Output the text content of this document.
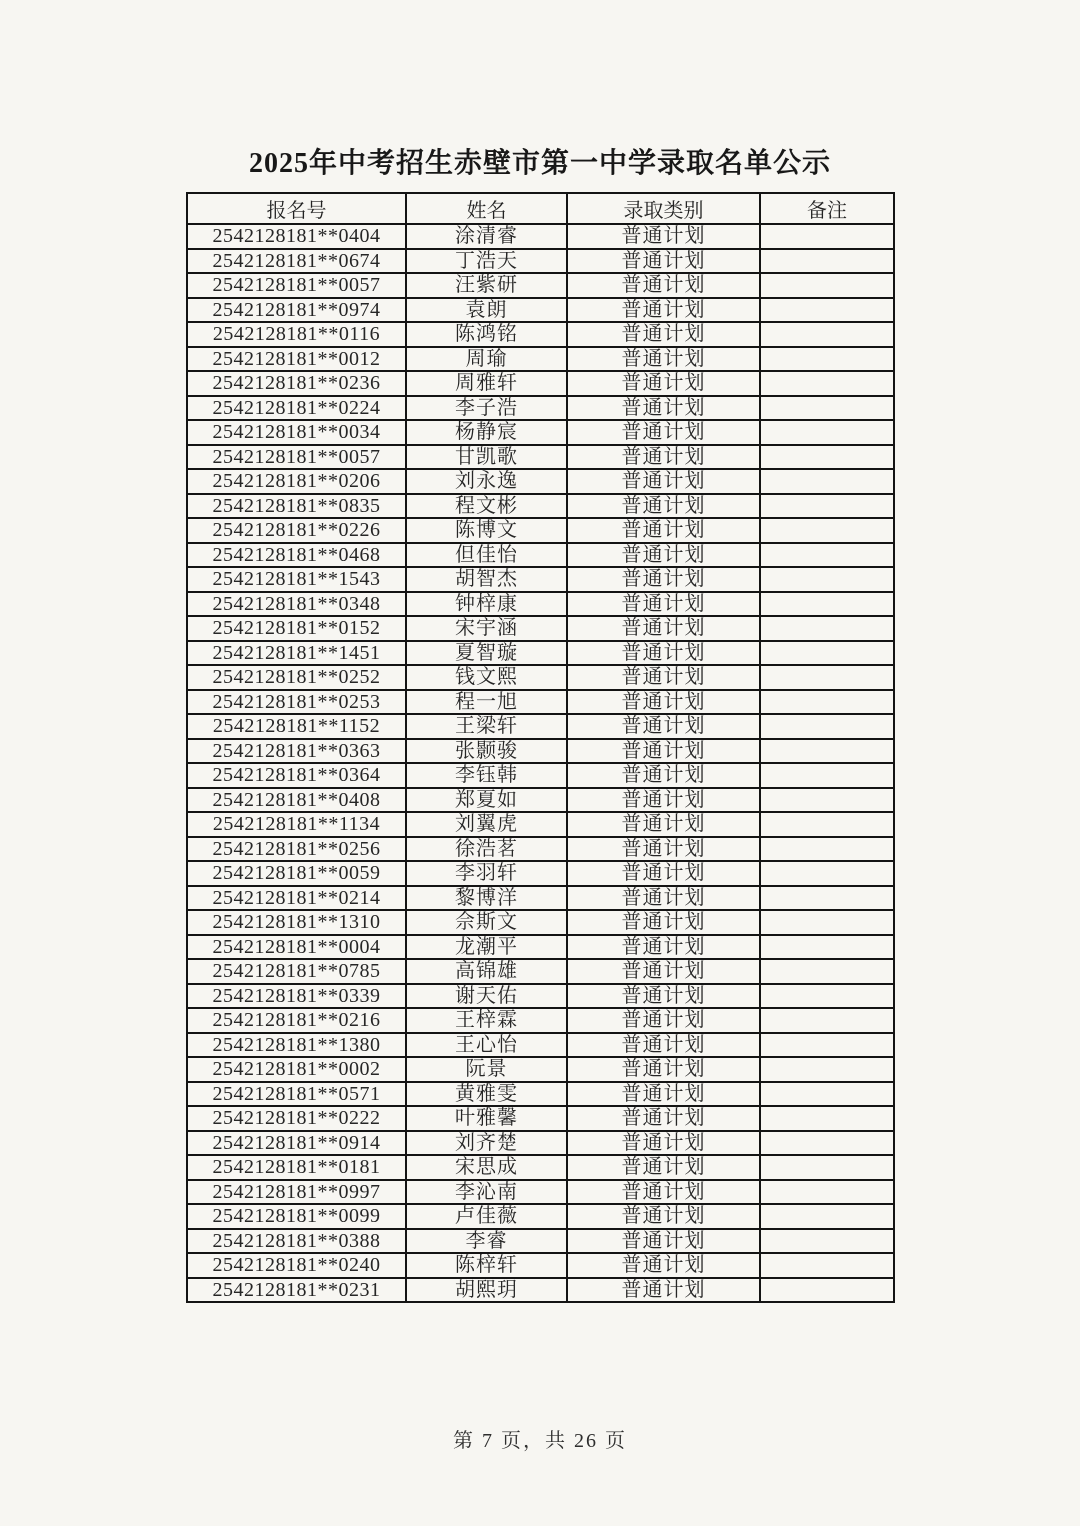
2025年中考招生赤壁市第一中学录取名单公示
报名号	姓名	录取类别	备注
2542128181**0404	涂清睿	普通计划	
2542128181**0674	丁浩天	普通计划	
2542128181**0057	汪紫研	普通计划	
2542128181**0974	袁朗	普通计划	
2542128181**0116	陈鸿铭	普通计划	
2542128181**0012	周瑜	普通计划	
2542128181**0236	周雅轩	普通计划	
2542128181**0224	李子浩	普通计划	
2542128181**0034	杨静宸	普通计划	
2542128181**0057	甘凯歌	普通计划	
2542128181**0206	刘永逸	普通计划	
2542128181**0835	程文彬	普通计划	
2542128181**0226	陈博文	普通计划	
2542128181**0468	但佳怡	普通计划	
2542128181**1543	胡智杰	普通计划	
2542128181**0348	钟梓康	普通计划	
2542128181**0152	宋宇涵	普通计划	
2542128181**1451	夏智璇	普通计划	
2542128181**0252	钱文熙	普通计划	
2542128181**0253	程一旭	普通计划	
2542128181**1152	王梁轩	普通计划	
2542128181**0363	张颢骏	普通计划	
2542128181**0364	李钰韩	普通计划	
2542128181**0408	郑夏如	普通计划	
2542128181**1134	刘翼虎	普通计划	
2542128181**0256	徐浩茗	普通计划	
2542128181**0059	李羽轩	普通计划	
2542128181**0214	黎博洋	普通计划	
2542128181**1310	佘斯文	普通计划	
2542128181**0004	龙潮平	普通计划	
2542128181**0785	高锦雄	普通计划	
2542128181**0339	谢天佑	普通计划	
2542128181**0216	王梓霖	普通计划	
2542128181**1380	王心怡	普通计划	
2542128181**0002	阮景	普通计划	
2542128181**0571	黄雅雯	普通计划	
2542128181**0222	叶雅馨	普通计划	
2542128181**0914	刘齐楚	普通计划	
2542128181**0181	宋思成	普通计划	
2542128181**0997	李沁南	普通计划	
2542128181**0099	卢佳薇	普通计划	
2542128181**0388	李睿	普通计划	
2542128181**0240	陈梓轩	普通计划	
2542128181**0231	胡熙玥	普通计划	
第 7 页，共 26 页
